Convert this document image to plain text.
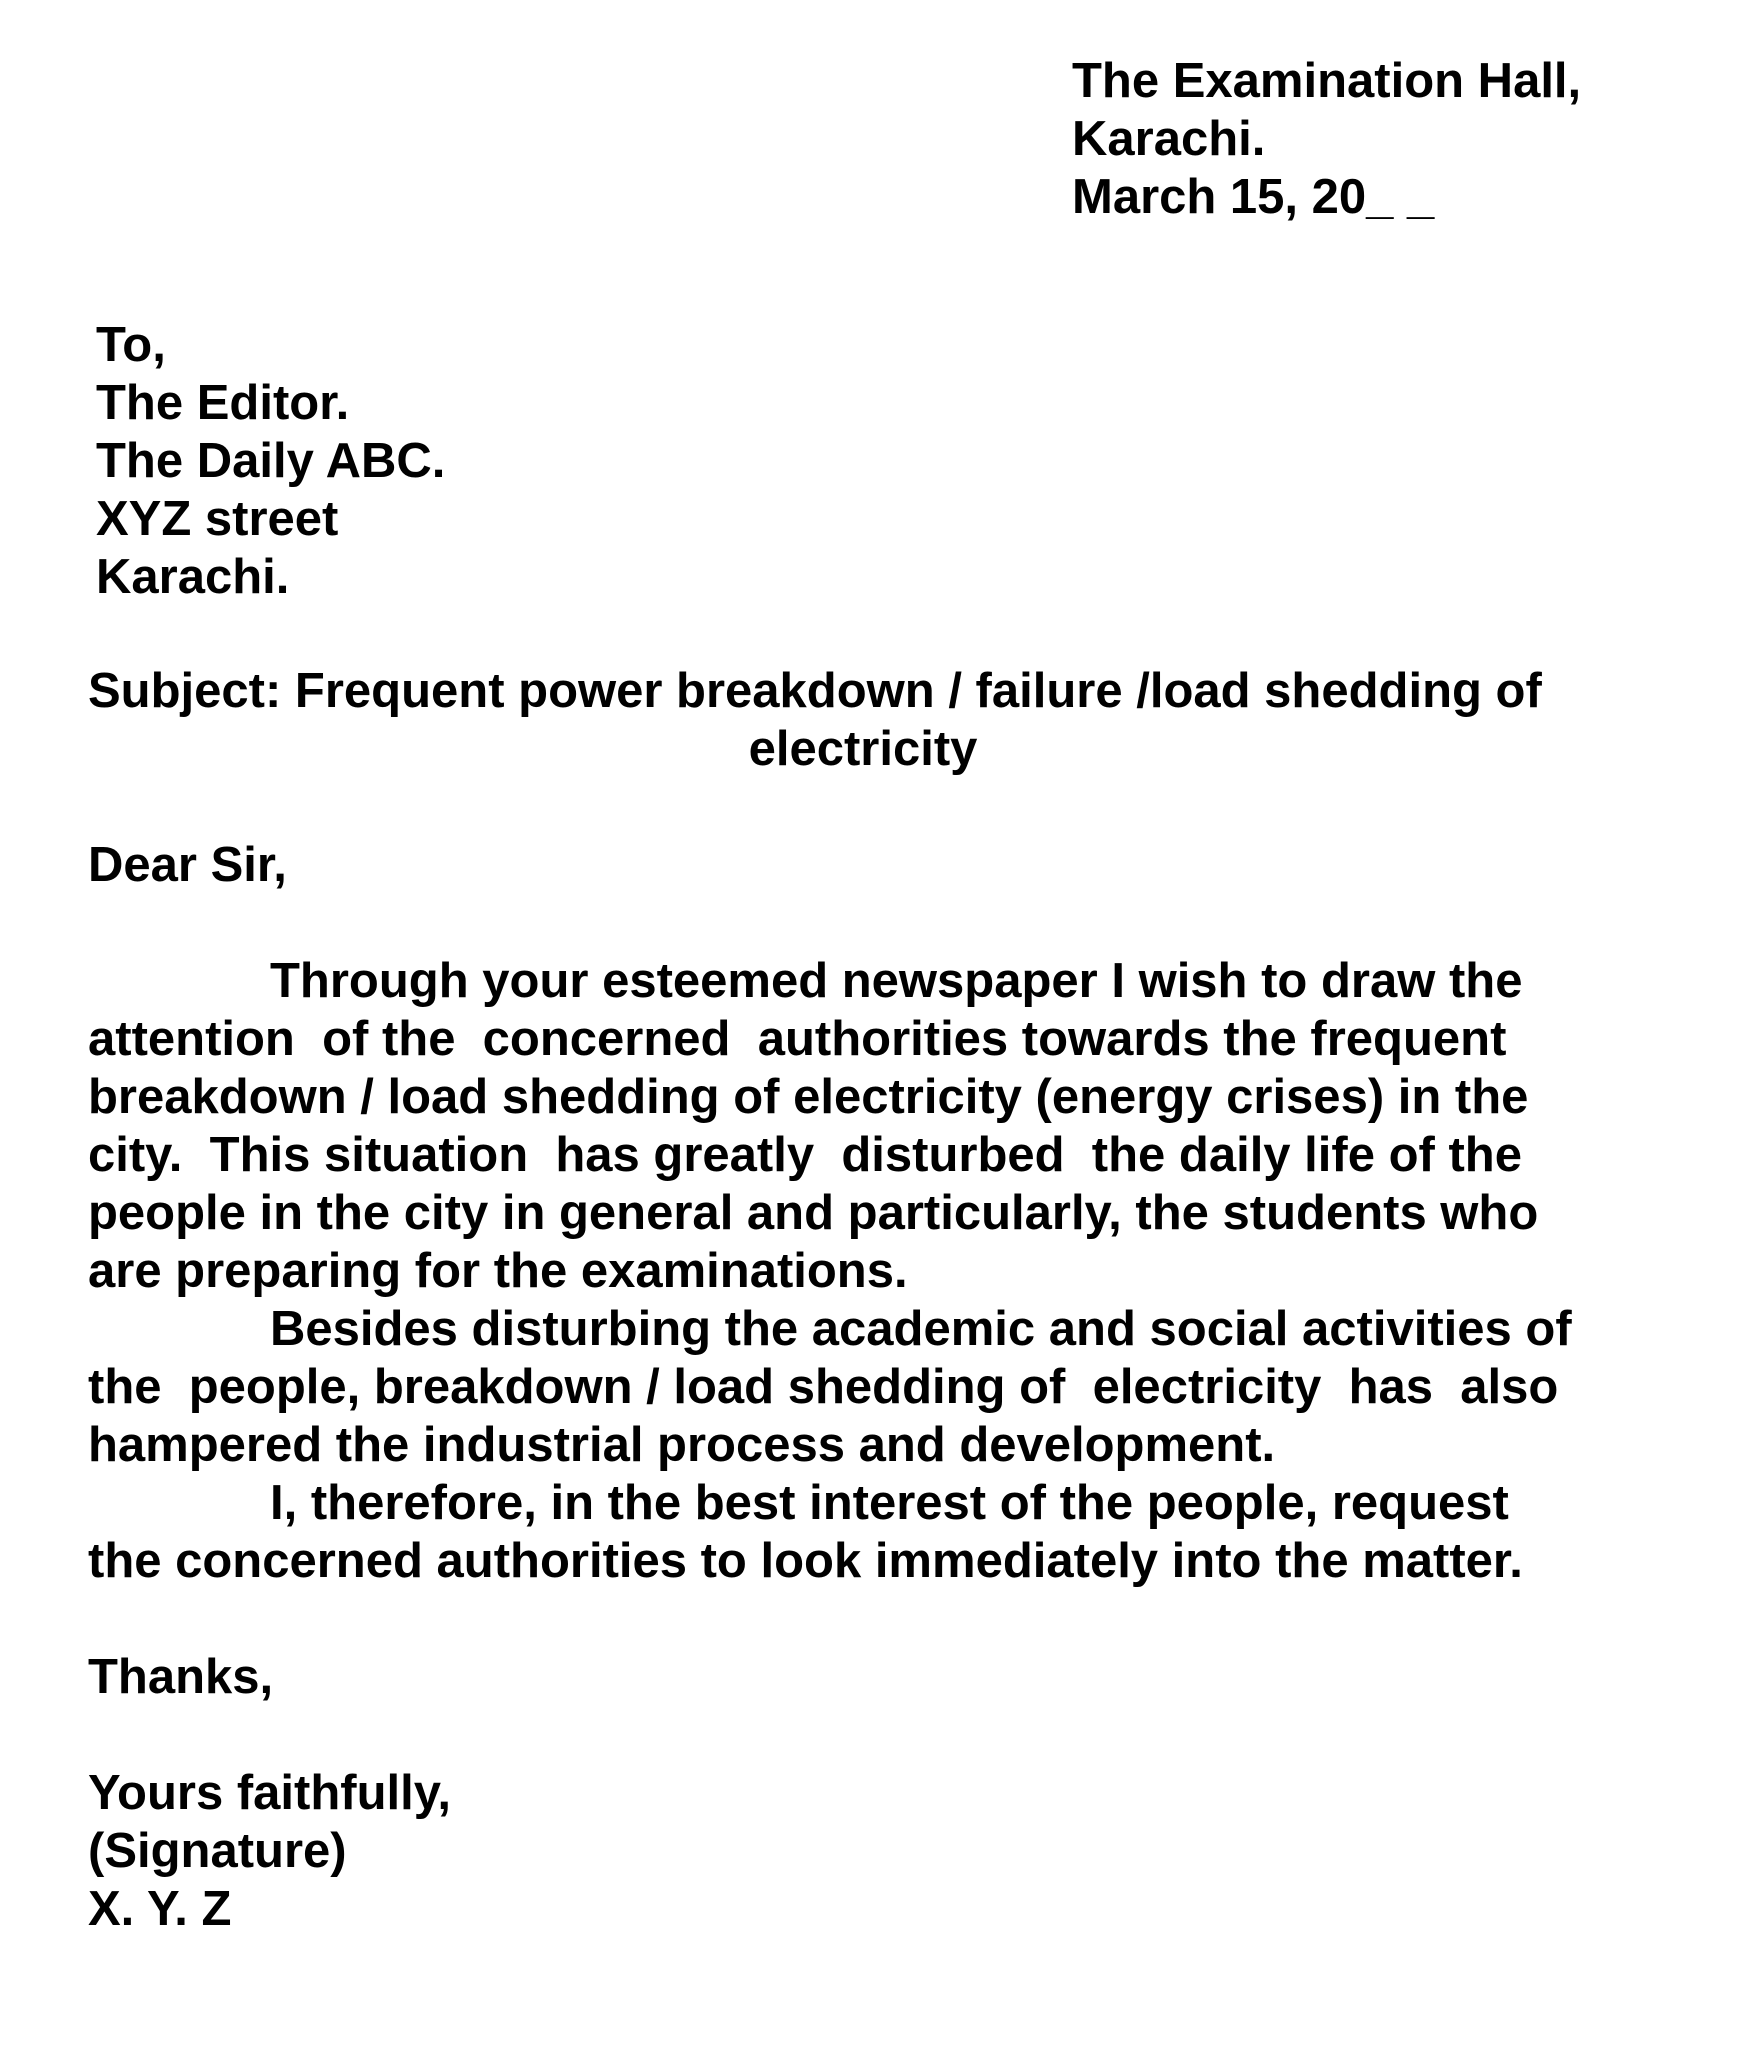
The Examination Hall,
Karachi.
March 15, 20_ _
To,
The Editor.
The Daily ABC.
XYZ street
Karachi.
Subject: Frequent power breakdown / failure /load shedding of
electricity
Dear Sir,
Through your esteemed newspaper I wish to draw the
attention  of the  concerned  authorities towards the frequent
breakdown / load shedding of electricity (energy crises) in the
city.  This situation  has greatly  disturbed  the daily life of the
people in the city in general and particularly, the students who
are preparing for the examinations.
Besides disturbing the academic and social activities of
the  people, breakdown / load shedding of  electricity  has  also
hampered the industrial process and development.
I, therefore, in the best interest of the people, request
the concerned authorities to look immediately into the matter.
Thanks,
Yours faithfully,
(Signature)
X. Y. Z
